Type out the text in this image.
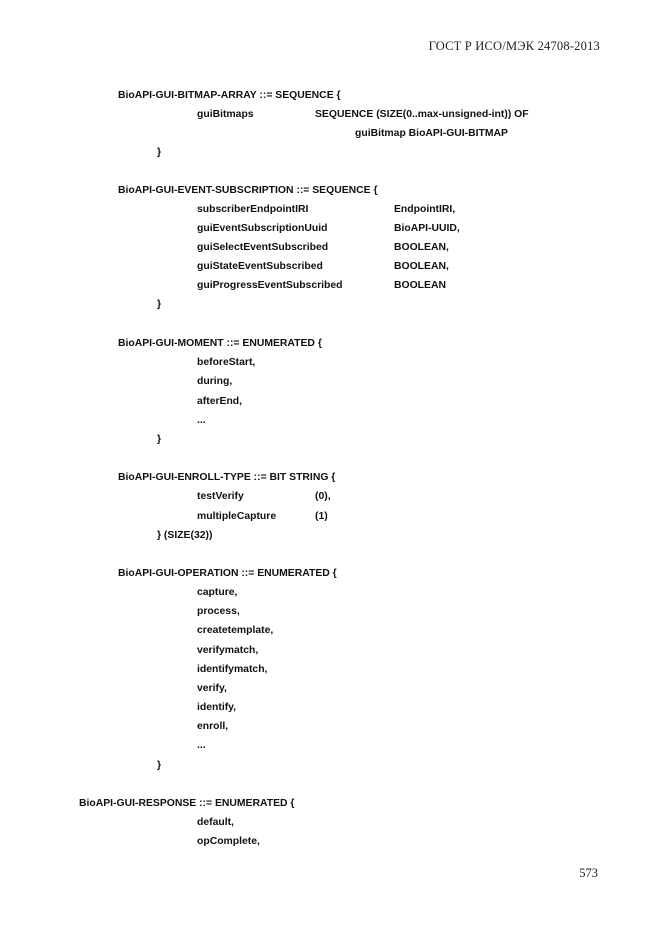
ГОСТ Р ИСО/МЭК 24708-2013
BioAPI-GUI-BITMAP-ARRAY ::= SEQUENCE {
guiBitmaps	SEQUENCE (SIZE(0..max-unsigned-int)) OF
guiBitmap BioAPI-GUI-BITMAP
}
BioAPI-GUI-EVENT-SUBSCRIPTION ::= SEQUENCE {
subscriberEndpointIRI	EndpointIRI,
guiEventSubscriptionUuid	BioAPI-UUID,
guiSelectEventSubscribed	BOOLEAN,
guiStateEventSubscribed	BOOLEAN,
guiProgressEventSubscribed	BOOLEAN
}
BioAPI-GUI-MOMENT ::= ENUMERATED {
beforeStart,
during,
afterEnd,
...
}
BioAPI-GUI-ENROLL-TYPE ::= BIT STRING {
testVerify	(0),
multipleCapture	(1)
} (SIZE(32))
BioAPI-GUI-OPERATION ::= ENUMERATED {
capture,
process,
createtemplate,
verifymatch,
identifymatch,
verify,
identify,
enroll,
...
}
BioAPI-GUI-RESPONSE ::= ENUMERATED {
default,
opComplete,
573
